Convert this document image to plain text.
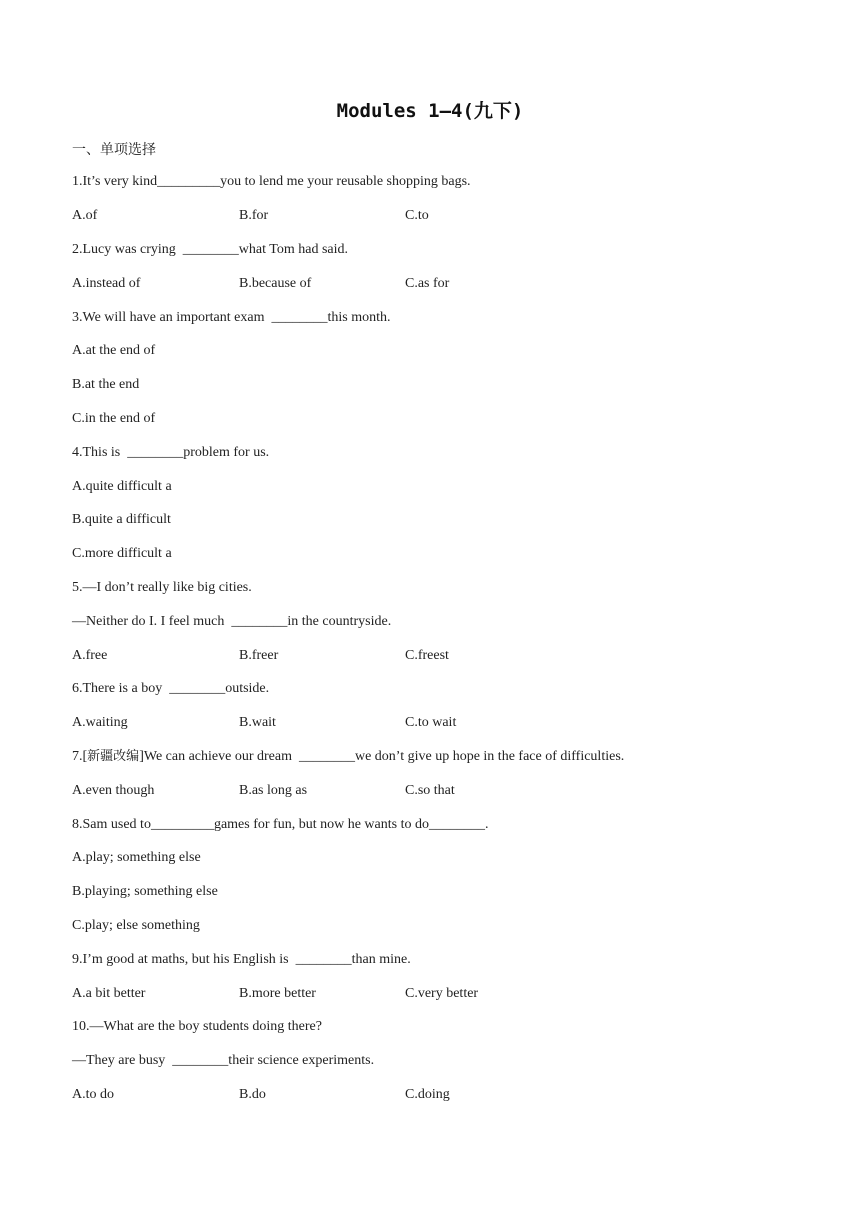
Modules 1—4(九下)
一、单项选择
1.It’s very kind_________you to lend me your reusable shopping bags.

A.of

	B.for

	C.to

2.Lucy was crying  ________what Tom had said.

A.instead of

	B.because of

	C.as for

3.We will have an important exam  ________this month.
A.at the end of
B.at the end
C.in the end of
4.This is  ________problem for us.
A.quite difficult a
B.quite a difficult
C.more difficult a
5.—I don’t really like big cities.
—Neither do I. I feel much  ________in the countryside.

A.free

	B.freer

	C.freest

6.There is a boy  ________outside.

A.waiting

	B.wait

	C.to wait

7.[新疆改编]We can achieve our dream  ________we don’t give up hope in the face of difficulties.

A.even though

	B.as long as

	C.so that

8.Sam used to_________games for fun, but now he wants to do________.
A.play; something else
B.playing; something else
C.play; else something
9.I’m good at maths, but his English is  ________than mine.

A.a bit better

	B.more better

	C.very better

10.—What are the boy students doing there?
—They are busy  ________their science experiments.

A.to do

	B.do

	C.doing
